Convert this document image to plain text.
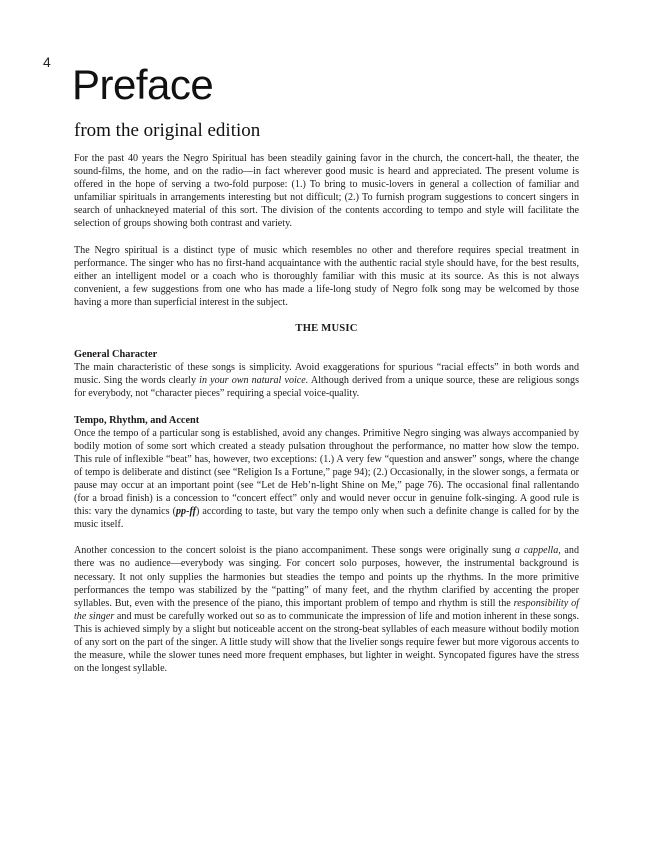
4 Preface
from the original edition

For the past 40 years the Negro Spiritual has been steadily gaining favor in the church, the concert-hall, the theater, the sound-films, the home, and on the radio—in fact wherever good music is heard and appreciated. The present volume is offered in the hope of serving a two-fold purpose: (1.) To bring to music-lovers in general a collection of familiar and unfamiliar spirituals in arrangements interesting but not difficult; (2.) To furnish program suggestions to concert singers in search of unhackneyed material of this sort. The division of the contents according to tempo and style will facilitate the selection of groups showing both contrast and variety.

The Negro spiritual is a distinct type of music which resembles no other and therefore requires special treatment in performance. The singer who has no first-hand acquaintance with the authentic racial style should have, for the best results, either an intelligent model or a coach who is thoroughly familiar with this music at its source. As this is not always convenient, a few suggestions from one who has made a life-long study of Negro folk song may be welcomed by those having a more than superficial interest in the subject.

THE MUSIC
General Character

The main characteristic of these songs is simplicity. Avoid exaggerations for spurious “racial effects” in both words and music. Sing the words clearly in your own natural voice. Although derived from a unique source, these are religious songs for everybody, not “character pieces” requiring a special voice-quality.

Tempo, Rhythm, and Accent

Once the tempo of a particular song is established, avoid any changes. Primitive Negro singing was always accompanied by bodily motion of some sort which created a steady pulsation throughout the performance, no matter how slow the tempo. This rule of inflexible “beat” has, however, two exceptions: (1.) A very few “question and answer” songs, where the change of tempo is deliberate and distinct (see “Religion Is a Fortune,” page 94); (2.) Occasionally, in the slower songs, a fermata or pause may occur at an important point (see “Let de Heb’n-light Shine on Me,” page 76). The occasional final rallentando (for a broad finish) is a concession to “concert effect” only and would never occur in genuine folk-singing. A good rule is this: vary the dynamics (pp-ff) according to taste, but vary the tempo only when such a definite change is called for by the music itself.

Another concession to the concert soloist is the piano accompaniment. These songs were originally sung a cappella, and there was no audience—everybody was singing. For concert solo purposes, however, the instrumental background is necessary. It not only supplies the harmonies but steadies the tempo and points up the rhythms. In the more primitive performances the tempo was stabilized by the “patting” of many feet, and the rhythm clarified by accenting the proper syllables. But, even with the presence of the piano, this important problem of tempo and rhythm is still the responsibility of the singer and must be carefully worked out so as to communicate the impression of life and motion inherent in these songs. This is achieved simply by a slight but noticeable accent on the strong-beat syllables of each measure without bodily motion of any sort on the part of the singer. A little study will show that the livelier songs require fewer but more vigorous accents to the measure, while the slower tunes need more frequent emphases, but lighter in weight. Syncopated figures have the stress on the longest syllable.
